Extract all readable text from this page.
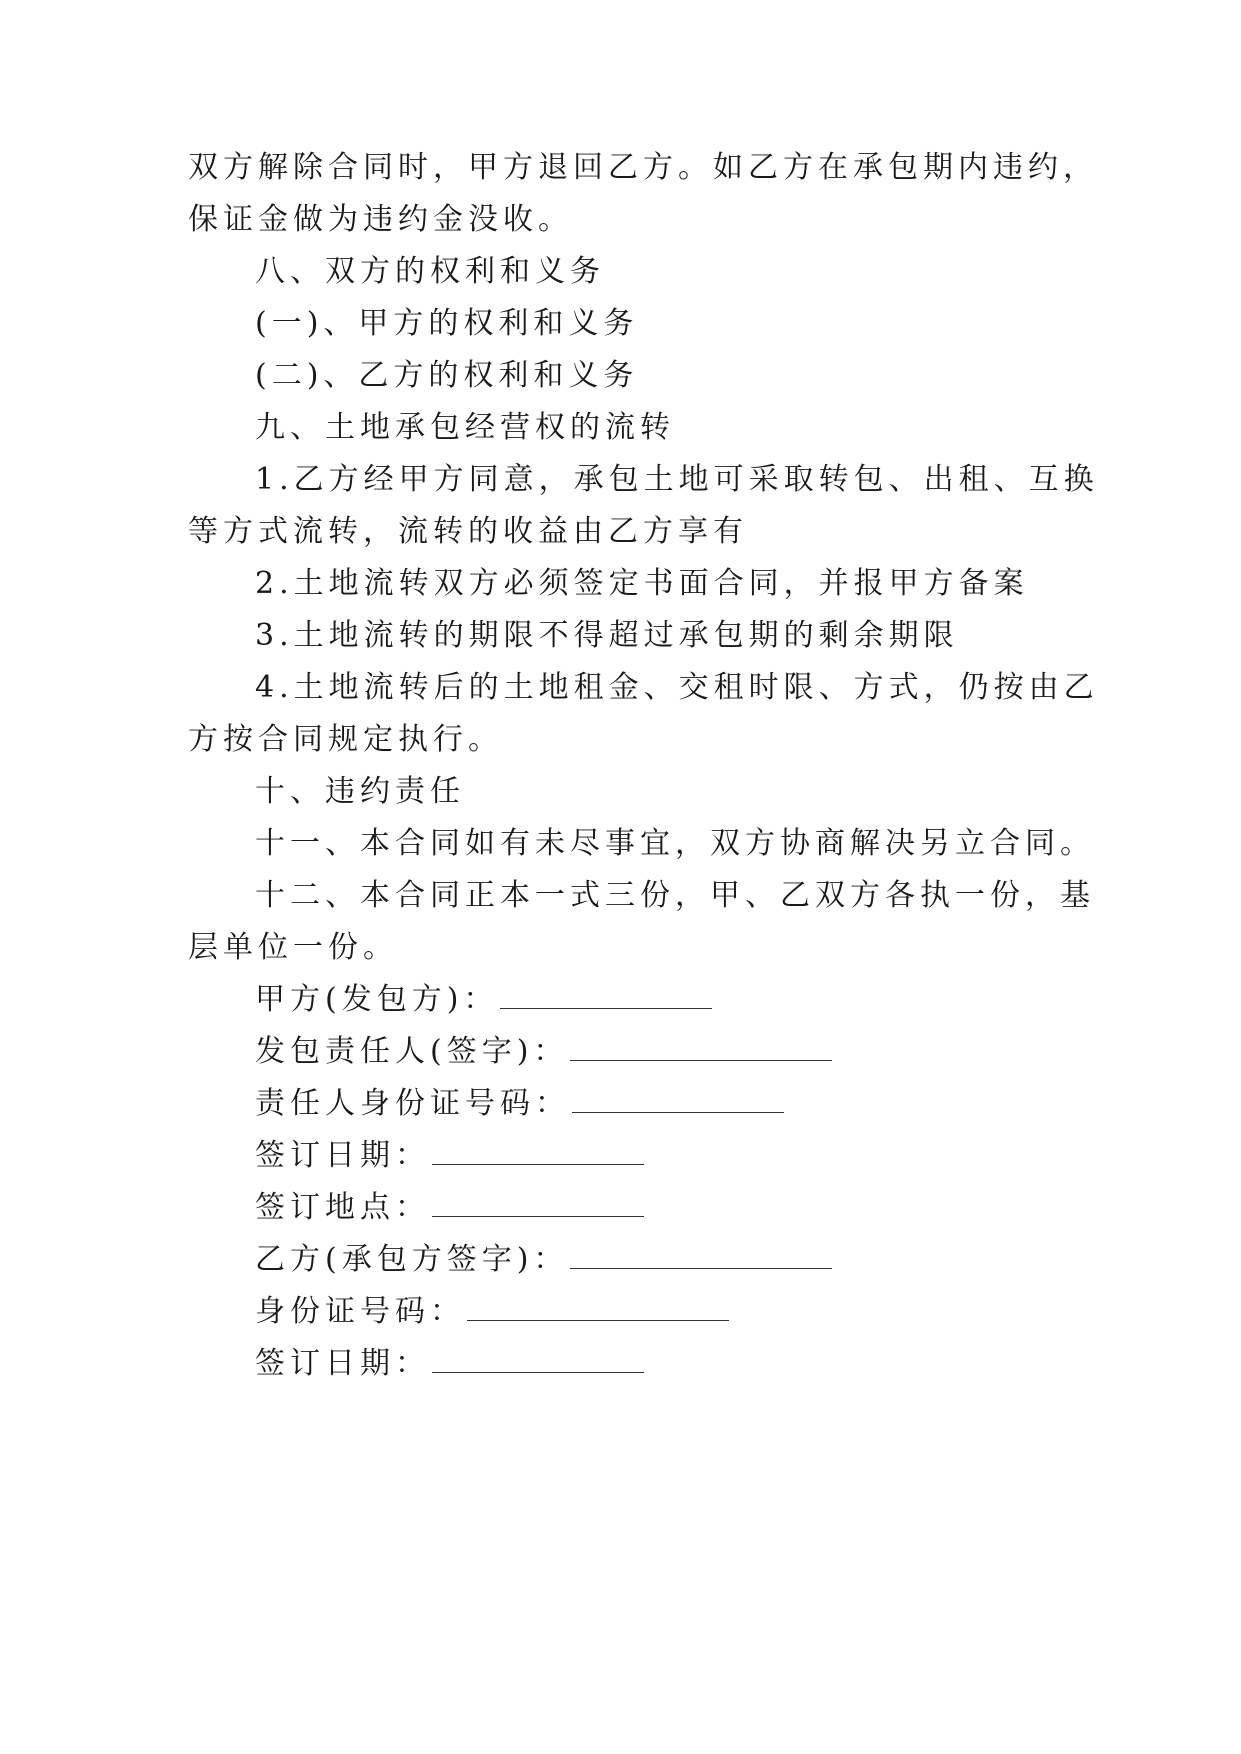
双方解除合同时，甲方退回乙方。如乙方在承包期内违约，
保证金做为违约金没收。
八、双方的权利和义务
(一)、甲方的权利和义务
(二)、乙方的权利和义务
九、土地承包经营权的流转
1.乙方经甲方同意，承包土地可采取转包、出租、互换
等方式流转，流转的收益由乙方享有
2.土地流转双方必须签定书面合同，并报甲方备案
3.土地流转的期限不得超过承包期的剩余期限
4.土地流转后的土地租金、交租时限、方式，仍按由乙
方按合同规定执行。
十、违约责任
十一、本合同如有未尽事宜，双方协商解决另立合同。
十二、本合同正本一式三份，甲、乙双方各执一份，基
层单位一份。
甲方(发包方)：
发包责任人(签字)：
责任人身份证号码：
签订日期：
签订地点：
乙方(承包方签字)：
身份证号码：
签订日期：
